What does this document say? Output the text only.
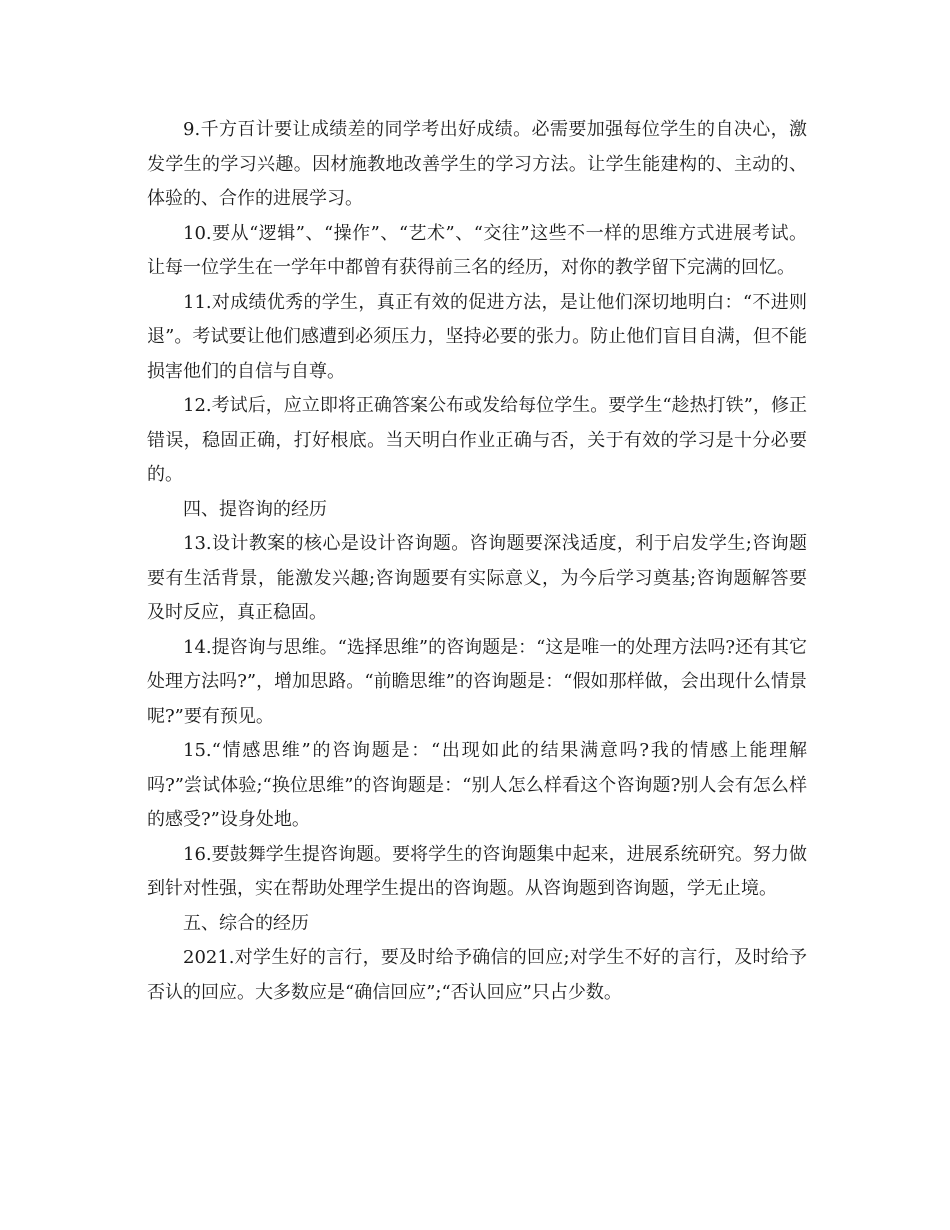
9.千方百计要让成绩差的同学考出好成绩。必需要加强每位学生的自决心，激发学生的学习兴趣。因材施教地改善学生的学习方法。让学生能建构的、主动的、体验的、合作的进展学习。

10.要从“逻辑”、“操作”、“艺术”、“交往”这些不一样的思维方式进展考试。让每一位学生在一学年中都曾有获得前三名的经历，对你的教学留下完满的回忆。

11.对成绩优秀的学生，真正有效的促进方法，是让他们深切地明白：“不进则退”。考试要让他们感遭到必须压力，坚持必要的张力。防止他们盲目自满，但不能损害他们的自信与自尊。

12.考试后，应立即将正确答案公布或发给每位学生。要学生“趁热打铁”，修正错误，稳固正确，打好根底。当天明白作业正确与否，关于有效的学习是十分必要的。

四、提咨询的经历

13.设计教案的核心是设计咨询题。咨询题要深浅适度，利于启发学生;咨询题要有生活背景，能激发兴趣;咨询题要有实际意义，为今后学习奠基;咨询题解答要及时反应，真正稳固。

14.提咨询与思维。“选择思维”的咨询题是：“这是唯一的处理方法吗?还有其它处理方法吗?”，增加思路。“前瞻思维”的咨询题是：“假如那样做，会出现什么情景呢?”要有预见。

15.“情感思维”的咨询题是：“出现如此的结果满意吗?我的情感上能理解吗?”尝试体验;“换位思维”的咨询题是：“别人怎么样看这个咨询题?别人会有怎么样的感受?”设身处地。

16.要鼓舞学生提咨询题。要将学生的咨询题集中起来，进展系统研究。努力做到针对性强，实在帮助处理学生提出的咨询题。从咨询题到咨询题，学无止境。

五、综合的经历

2021.对学生好的言行，要及时给予确信的回应;对学生不好的言行，及时给予否认的回应。大多数应是“确信回应”;“否认回应”只占少数。
